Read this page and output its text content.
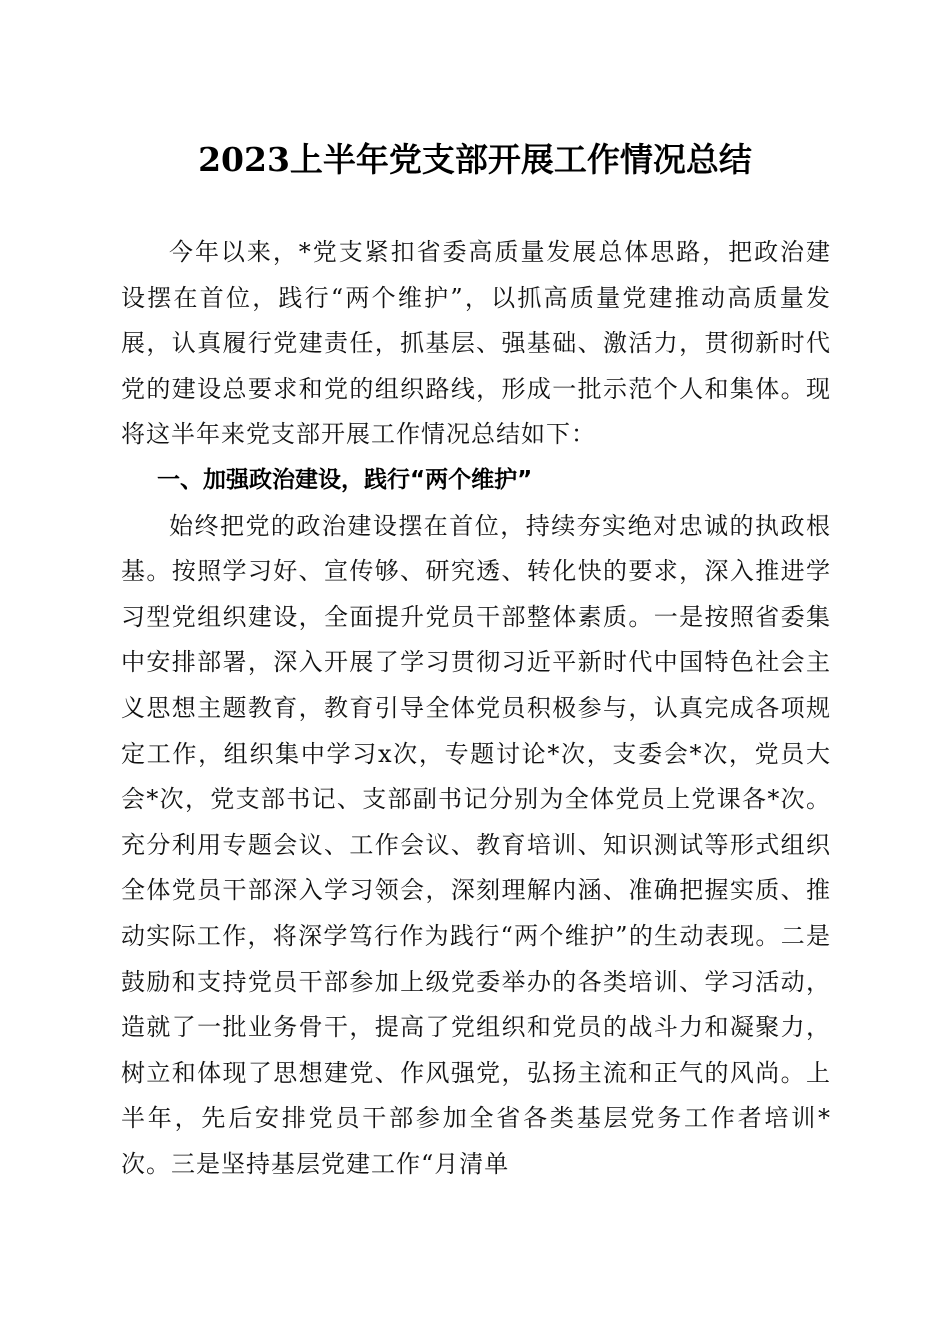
2023上半年党支部开展工作情况总结

今年以来，*党支紧扣省委高质量发展总体思路，把政治建设摆在首位，践行“两个维护”，以抓高质量党建推动高质量发展，认真履行党建责任，抓基层、强基础、激活力，贯彻新时代党的建设总要求和党的组织路线，形成一批示范个人和集体。现将这半年来党支部开展工作情况总结如下：

一、加强政治建设，践行“两个维护”

始终把党的政治建设摆在首位，持续夯实绝对忠诚的执政根基。按照学习好、宣传够、研究透、转化快的要求，深入推进学习型党组织建设，全面提升党员干部整体素质。一是按照省委集中安排部署，深入开展了学习贯彻习近平新时代中国特色社会主义思想主题教育，教育引导全体党员积极参与，认真完成各项规定工作，组织集中学习x次，专题讨论*次，支委会*次，党员大会*次，党支部书记、支部副书记分别为全体党员上党课各*次。充分利用专题会议、工作会议、教育培训、知识测试等形式组织全体党员干部深入学习领会，深刻理解内涵、准确把握实质、推动实际工作，将深学笃行作为践行“两个维护”的生动表现。二是鼓励和支持党员干部参加上级党委举办的各类培训、学习活动，造就了一批业务骨干，提高了党组织和党员的战斗力和凝聚力，树立和体现了思想建党、作风强党，弘扬主流和正气的风尚。上半年，先后安排党员干部参加全省各类基层党务工作者培训*次。三是坚持基层党建工作“月清单
